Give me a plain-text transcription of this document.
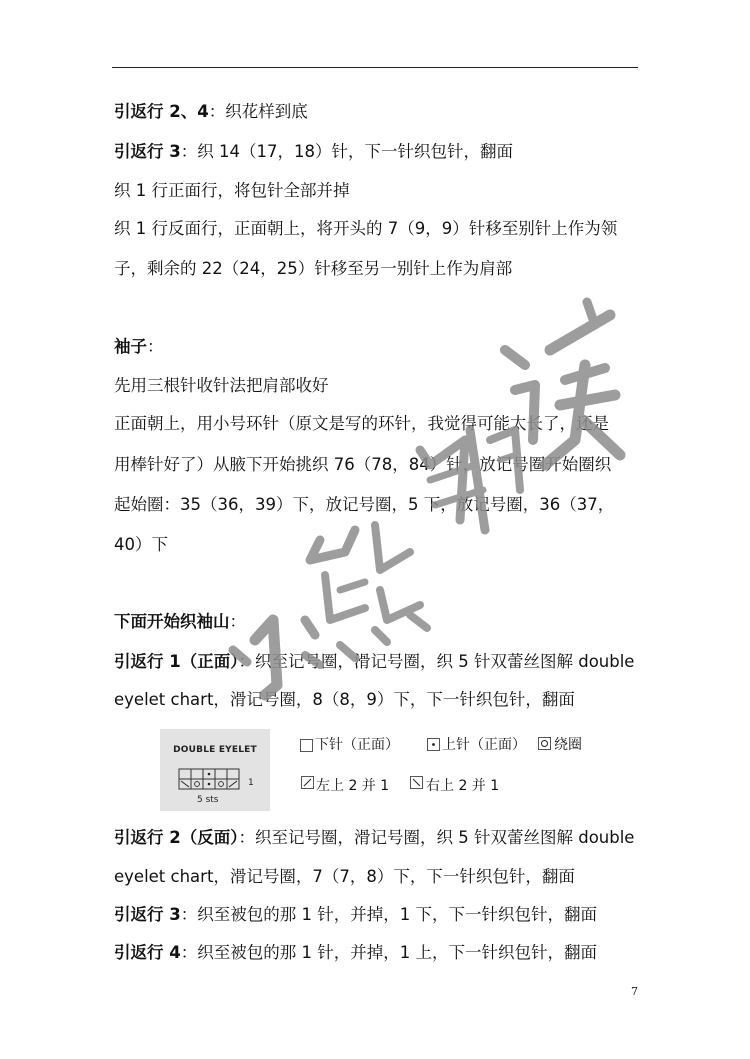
引返行 2、4：织花样到底
引返行 3：织 14（17，18）针，下一针织包针，翻面
织 1 行正面行，将包针全部并掉
织 1 行反面行，正面朝上，将开头的 7（9，9）针移至别针上作为领
子，剩余的 22（24，25）针移至另一别针上作为肩部
袖子：
先用三根针收针法把肩部收好
正面朝上，用小号环针（原文是写的环针，我觉得可能太长了，还是
用棒针好了）从腋下开始挑织 76（78，84）针，放记号圈开始圈织
起始圈：35（36，39）下，放记号圈，5 下，放记号圈，36（37，
40）下
下面开始织袖山：
引返行 1（正面）：织至记号圈，滑记号圈，织 5 针双蕾丝图解 double
eyelet chart，滑记号圈，8（8，9）下，下一针织包针，翻面
DOUBLE EYELET
1
5 sts
下针（正面）	上针（正面） 绕圈
左上 2 并 1	右上 2 并 1
引返行 2（反面）：织至记号圈，滑记号圈，织 5 针双蕾丝图解 double
eyelet chart，滑记号圈，7（7，8）下，下一针织包针，翻面
引返行 3：织至被包的那 1 针，并掉，1 下，下一针织包针，翻面
引返行 4：织至被包的那 1 针，并掉，1 上，下一针织包针，翻面
7
